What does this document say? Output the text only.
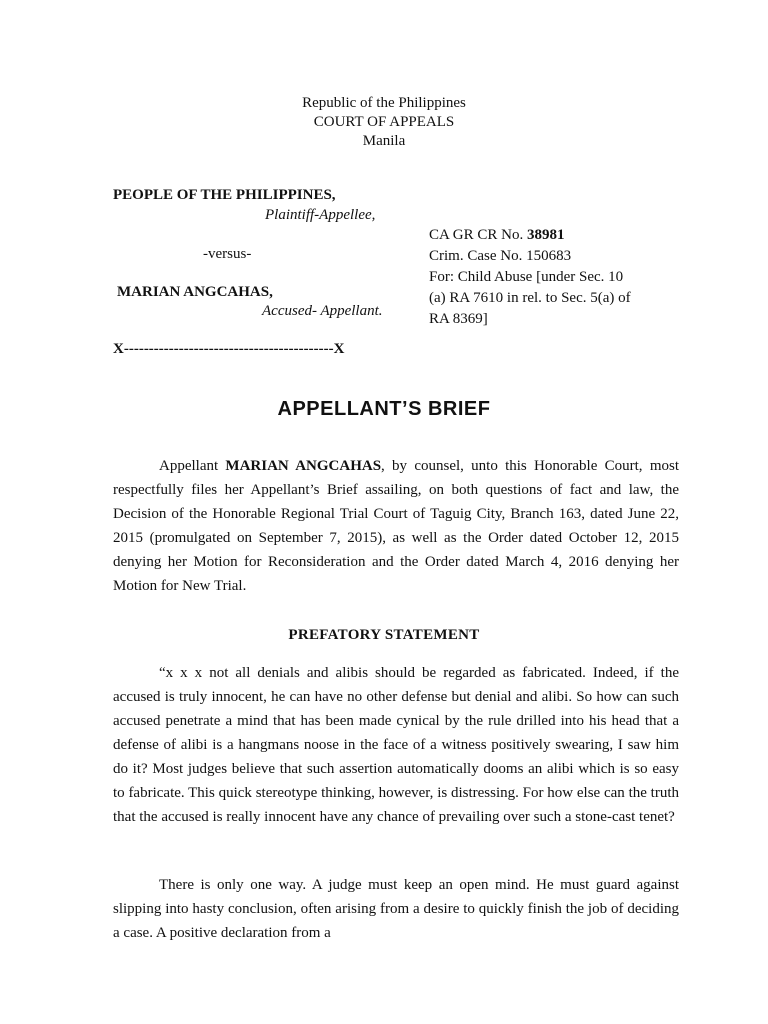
Republic of the Philippines
COURT OF APPEALS
Manila
PEOPLE OF THE PHILIPPINES,
Plaintiff-Appellee,
-versus-
MARIAN ANGCAHAS,
Accused- Appellant.
X------------------------------------------X
CA GR CR No. 38981
Crim. Case No. 150683
For: Child Abuse [under Sec. 10
(a) RA 7610 in rel. to Sec. 5(a) of
RA 8369]
APPELLANT’S BRIEF

Appellant MARIAN ANGCAHAS, by counsel, unto this Honorable Court, most respectfully files her Appellant’s Brief assailing, on both questions of fact and law, the Decision of the Honorable Regional Trial Court of Taguig City, Branch 163, dated June 22, 2015 (promulgated on September 7, 2015), as well as the Order dated October 12, 2015 denying her Motion for Reconsideration and the Order dated March 4, 2016 denying her Motion for New Trial.

PREFATORY STATEMENT

“x x x not all denials and alibis should be regarded as fabricated. Indeed, if the accused is truly innocent, he can have no other defense but denial and alibi. So how can such accused penetrate a mind that has been made cynical by the rule drilled into his head that a defense of alibi is a hangmans noose in the face of a witness positively swearing, I saw him do it? Most judges believe that such assertion automatically dooms an alibi which is so easy to fabricate. This quick stereotype thinking, however, is distressing. For how else can the truth that the accused is really innocent have any chance of prevailing over such a stone-cast tenet?

There is only one way. A judge must keep an open mind. He must guard against slipping into hasty conclusion, often arising from a desire to quickly finish the job of deciding a case. A positive declaration from a
